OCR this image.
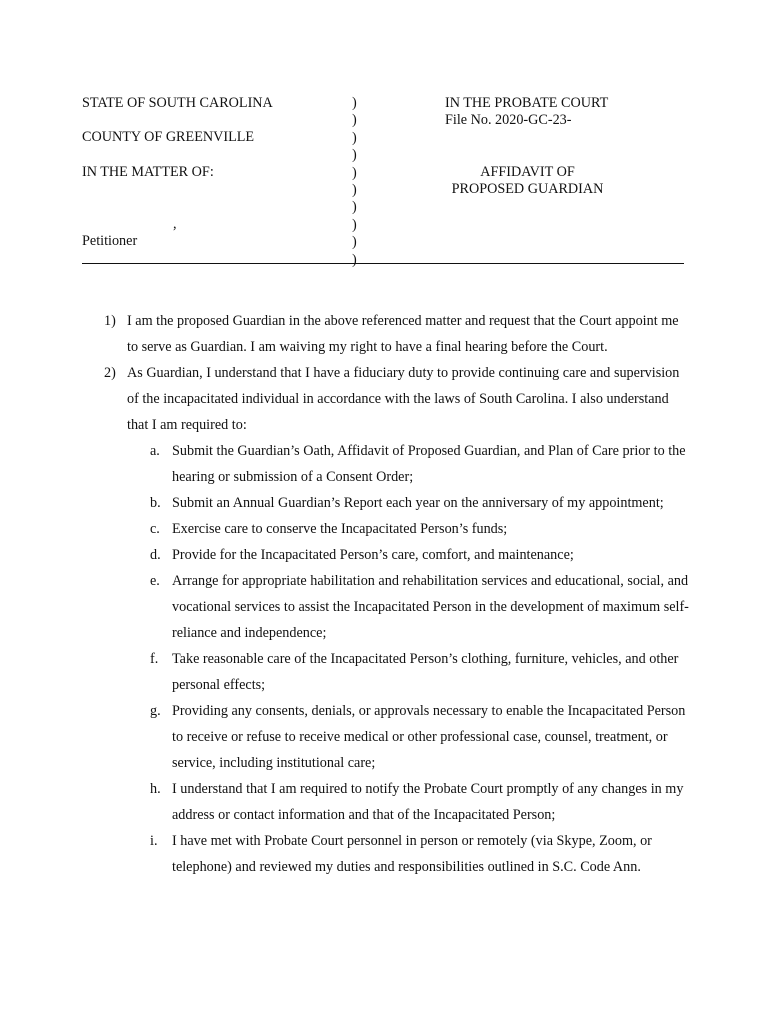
STATE OF SOUTH CAROLINA
COUNTY OF GREENVILLE
IN THE MATTER OF:
,
Petitioner
)
)
)
)
)
)
)
)
)
)
IN THE PROBATE COURT
File No. 2020-GC-23-
AFFIDAVIT OF
PROPOSED GUARDIAN
1) I am the proposed Guardian in the above referenced matter and request that the Court appoint me to serve as Guardian. I am waiving my right to have a final hearing before the Court.
2) As Guardian, I understand that I have a fiduciary duty to provide continuing care and supervision of the incapacitated individual in accordance with the laws of South Carolina. I also understand that I am required to:
a. Submit the Guardian’s Oath, Affidavit of Proposed Guardian, and Plan of Care prior to the hearing or submission of a Consent Order;
b. Submit an Annual Guardian’s Report each year on the anniversary of my appointment;
c. Exercise care to conserve the Incapacitated Person’s funds;
d. Provide for the Incapacitated Person’s care, comfort, and maintenance;
e. Arrange for appropriate habilitation and rehabilitation services and educational, social, and vocational services to assist the Incapacitated Person in the development of maximum self-reliance and independence;
f. Take reasonable care of the Incapacitated Person’s clothing, furniture, vehicles, and other personal effects;
g. Providing any consents, denials, or approvals necessary to enable the Incapacitated Person to receive or refuse to receive medical or other professional case, counsel, treatment, or service, including institutional care;
h. I understand that I am required to notify the Probate Court promptly of any changes in my address or contact information and that of the Incapacitated Person;
i. I have met with Probate Court personnel in person or remotely (via Skype, Zoom, or telephone) and reviewed my duties and responsibilities outlined in S.C. Code Ann.
